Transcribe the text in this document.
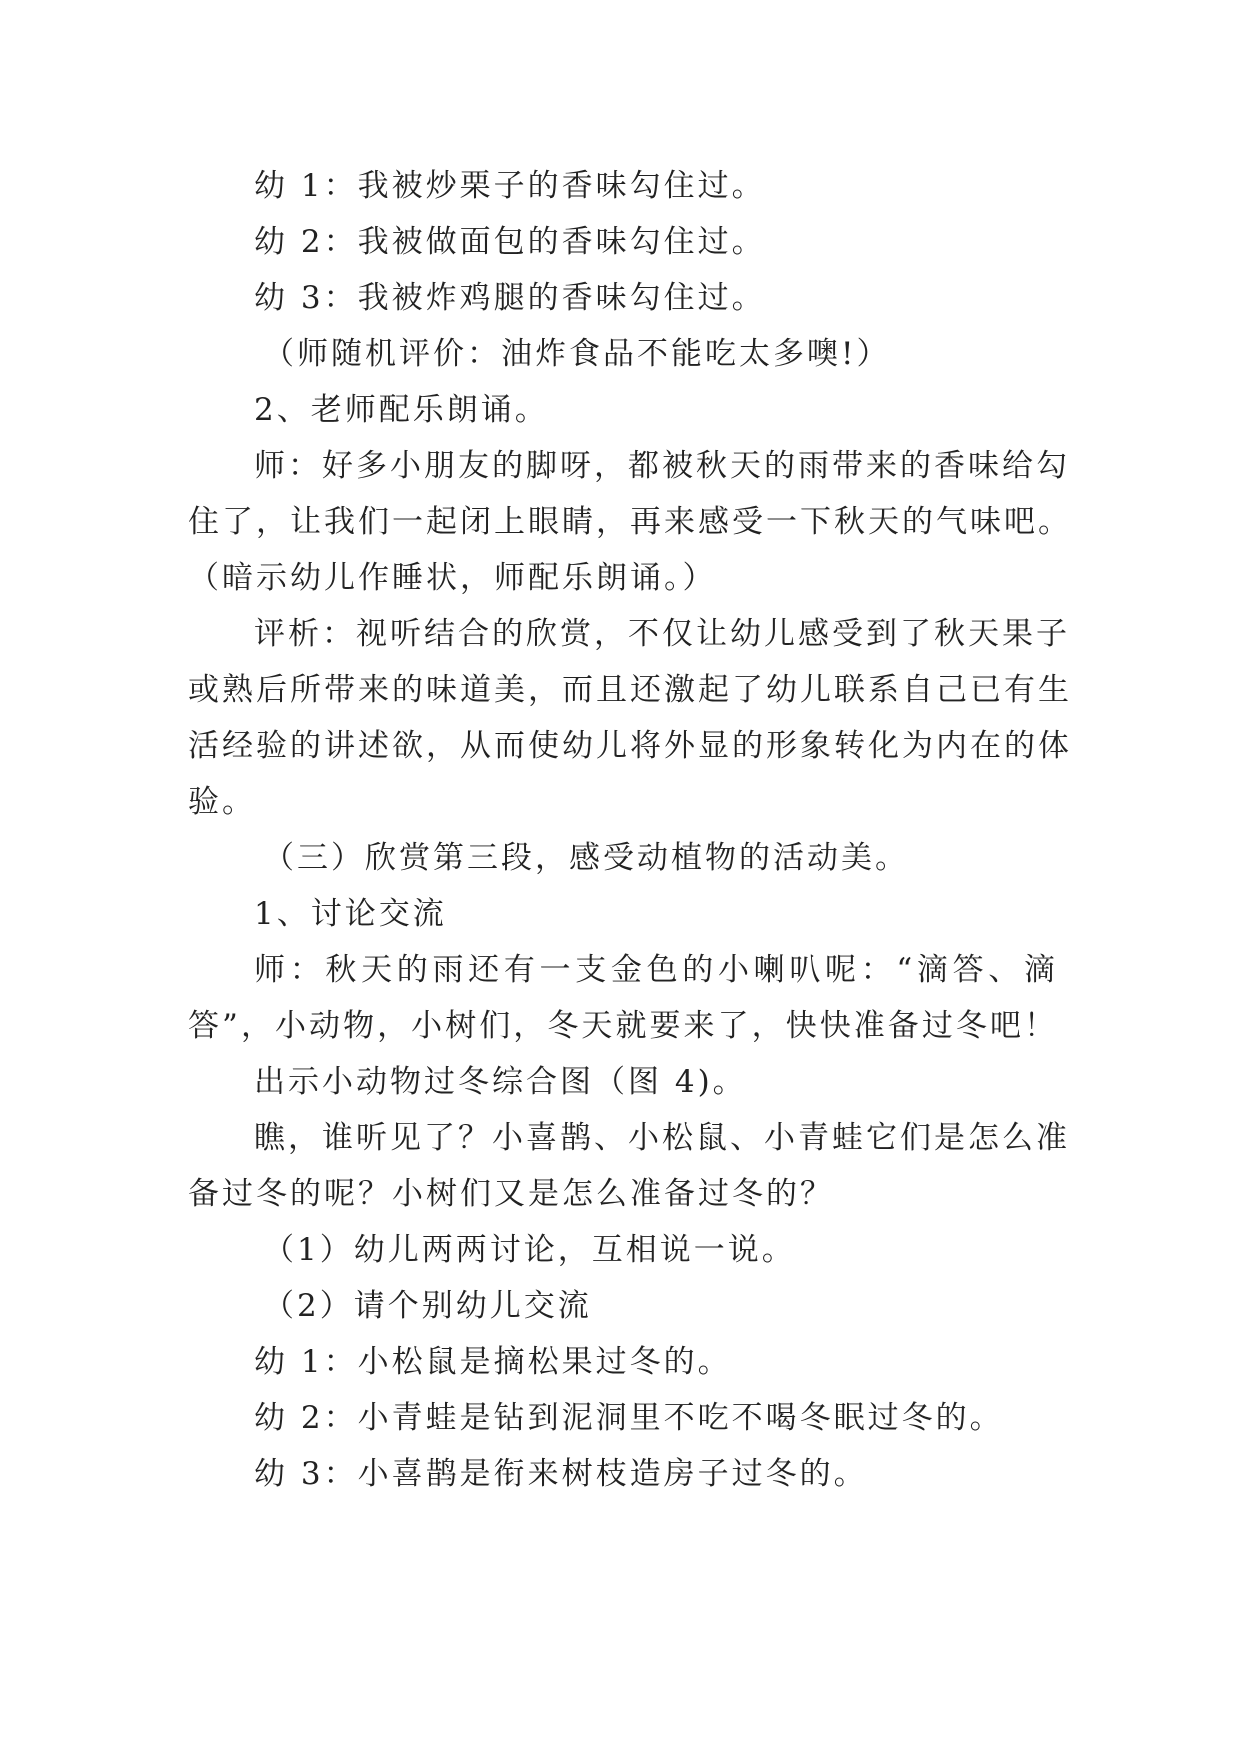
幼 1：我被炒栗子的香味勾住过。
幼 2：我被做面包的香味勾住过。
幼 3：我被炸鸡腿的香味勾住过。
（师随机评价：油炸食品不能吃太多噢!）
2、老师配乐朗诵。
师：好多小朋友的脚呀，都被秋天的雨带来的香味给勾
住了，让我们一起闭上眼睛，再来感受一下秋天的气味吧。
（暗示幼儿作睡状，师配乐朗诵。）
评析：视听结合的欣赏，不仅让幼儿感受到了秋天果子
或熟后所带来的味道美，而且还激起了幼儿联系自己已有生
活经验的讲述欲，从而使幼儿将外显的形象转化为内在的体
验。
（三）欣赏第三段，感受动植物的活动美。
1、讨论交流
师：秋天的雨还有一支金色的小喇叭呢：“滴答、滴
答”，小动物，小树们，冬天就要来了，快快准备过冬吧！
出示小动物过冬综合图（图 4)。
瞧，谁听见了？小喜鹊、小松鼠、小青蛙它们是怎么准
备过冬的呢？小树们又是怎么准备过冬的？
（1）幼儿两两讨论，互相说一说。
（2）请个别幼儿交流
幼 1：小松鼠是摘松果过冬的。
幼 2：小青蛙是钻到泥洞里不吃不喝冬眠过冬的。
幼 3：小喜鹊是衔来树枝造房子过冬的。
